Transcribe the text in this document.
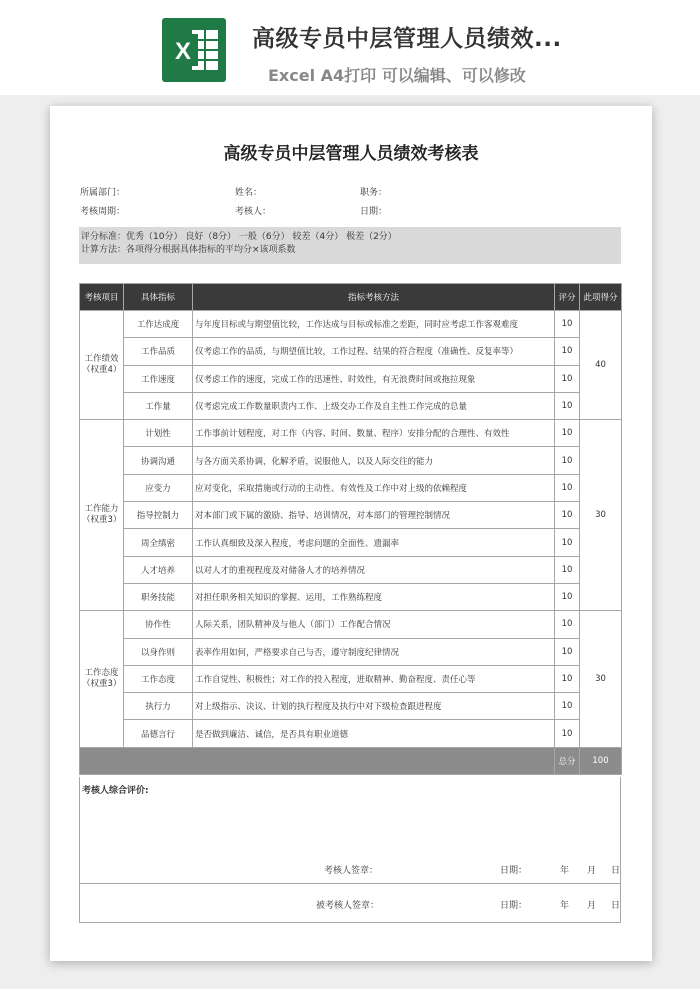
X	高级专员中层管理人员绩效...
Excel A4打印 可以编辑、可以修改
高级专员中层管理人员绩效考核表
所属部门：	姓名：	职务：
考核周期：	考核人：	日期：
评分标准：优秀（10分） 良好（8分） 一般（6分） 较差（4分） 极差（2分）
计算方法：各项得分根据具体指标的平均分×该项系数
考核项目	具体指标	指标考核方法	评分	此项得分
工作绩效（权重4）	工作达成度	与年度目标或与期望值比较，工作达成与目标或标准之差距，同时应考虑工作客观难度	10	40
	工作品质	仅考虑工作的品质，与期望值比较，工作过程、结果的符合程度（准确性、反复率等）	10	
	工作速度	仅考虑工作的速度，完成工作的迅速性、时效性，有无浪费时间或拖拉现象	10	
	工作量	仅考虑完成工作数量职责内工作、上级交办工作及自主性工作完成的总量	10	
工作能力（权重3）	计划性	工作事前计划程度，对工作（内容、时间、数量、程序）安排分配的合理性、有效性	10	30
	协调沟通	与各方面关系协调，化解矛盾，说服他人，以及人际交往的能力	10	
	应变力	应对变化，采取措施或行动的主动性、有效性及工作中对上级的依赖程度	10	
	指导控制力	对本部门或下属的激励、指导、培训情况，对本部门的管理控制情况	10	
	周全缜密	工作认真细致及深入程度，考虑问题的全面性、遗漏率	10	
	人才培养	以对人才的重视程度及对储备人才的培养情况	10	
	职务技能	对担任职务相关知识的掌握、运用，工作熟练程度	10	
工作态度（权重3）	协作性	人际关系，团队精神及与他人（部门）工作配合情况	10	30
	以身作则	表率作用如何，严格要求自己与否，遵守制度纪律情况	10	
	工作态度	工作自觉性、积极性；对工作的投入程度，进取精神、勤奋程度、责任心等	10	
	执行力	对上级指示、决议、计划的执行程度及执行中对下级检查跟进程度	10	
	品德言行	是否做到廉洁、诚信，是否具有职业道德	10	
			总分	100
考核人综合评价:
考核人签章：	日期：	年 月 日
被考核人签章：	日期：	年 月 日
